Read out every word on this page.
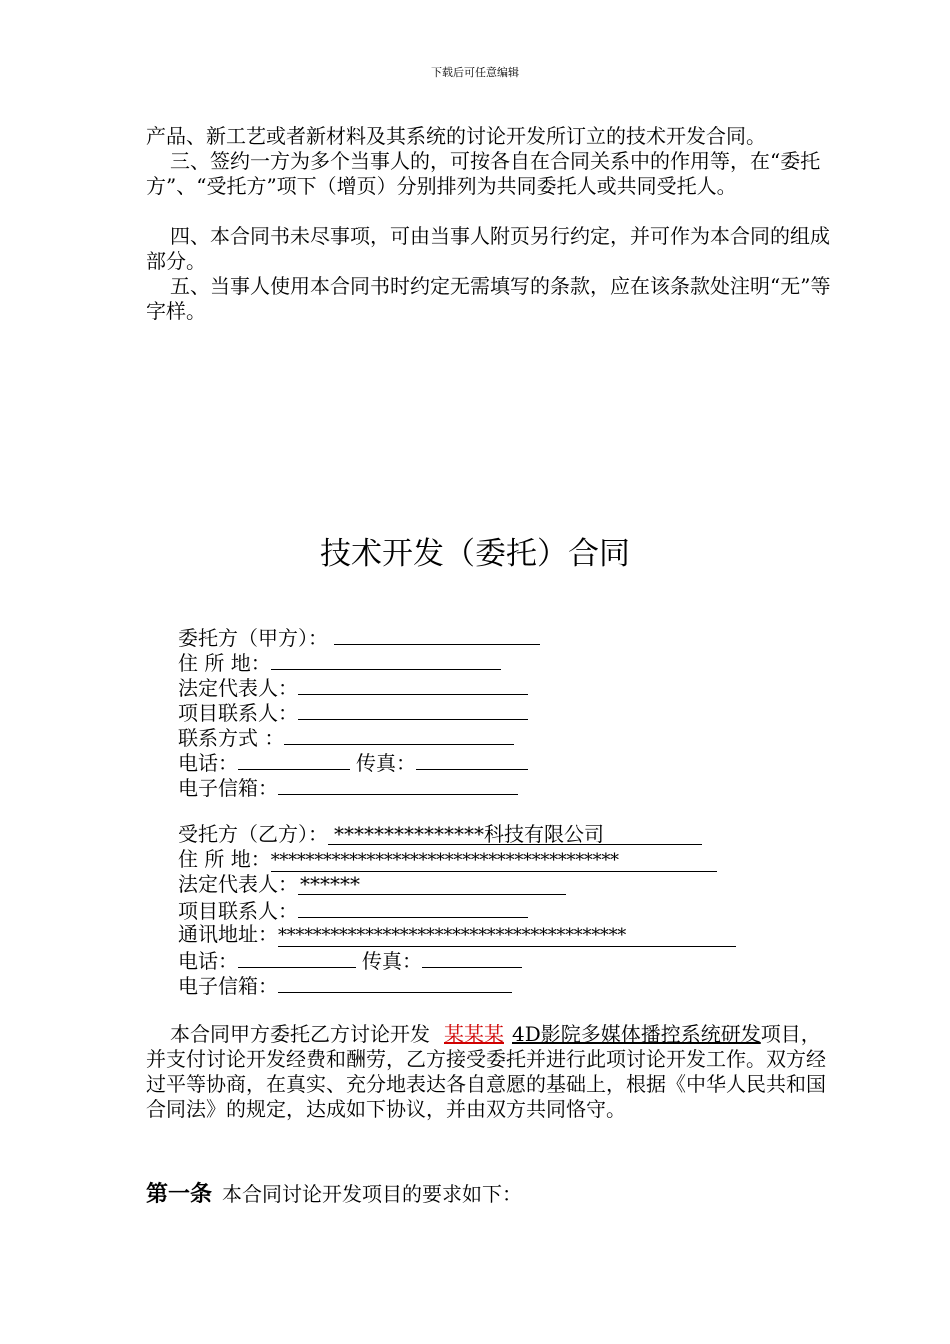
下载后可任意编辑
产品、新工艺或者新材料及其系统的讨论开发所订立的技术开发合同。
三、签约一方为多个当事人的，可按各自在合同关系中的作用等，在“委托方”、“受托方”项下（增页）分别排列为共同委托人或共同受托人。
四、本合同书未尽事项，可由当事人附页另行约定，并可作为本合同的组成部分。
五、当事人使用本合同书时约定无需填写的条款，应在该条款处注明“无”等字样。
技术开发（委托）合同
委托方（甲方）：
住 所 地：
法定代表人：
项目联系人：
联系方式 ：
电话：	传真：
电子信箱：
受托方（乙方）： ***************科技有限公司
住 所 地：****************************************
法定代表人： ******
项目联系人：
通讯地址：****************************************
电话：	传真：
电子信箱：
本合同甲方委托乙方讨论开发 某某某 4D影院多媒体播控系统研发项目，并支付讨论开发经费和酬劳，乙方接受委托并进行此项讨论开发工作。双方经过平等协商，在真实、充分地表达各自意愿的基础上，根据《中华人民共和国合同法》的规定，达成如下协议，并由双方共同恪守。
第一条 本合同讨论开发项目的要求如下：
